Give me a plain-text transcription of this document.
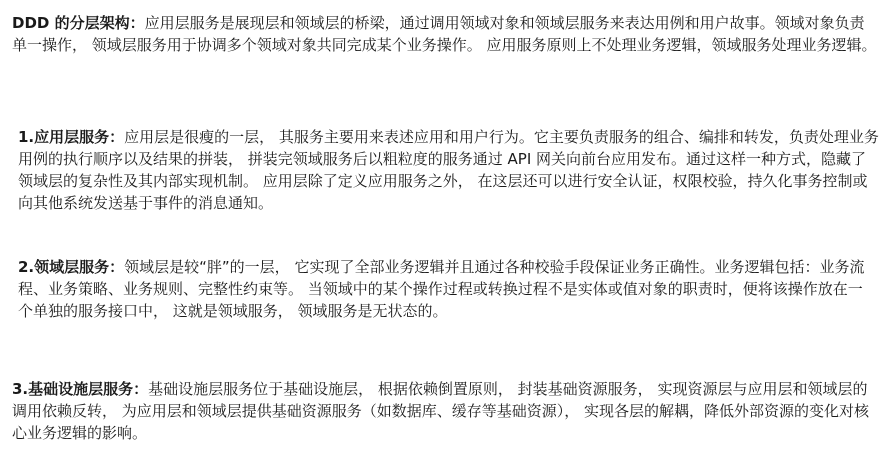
DDD 的分层架构：应用层服务是展现层和领域层的桥梁，通过调用领域对象和领域层服务来表达用例和用户故事。领域对象负责单一操作， 领域层服务用于协调多个领域对象共同完成某个业务操作。 应用服务原则上不处理业务逻辑，领域服务处理业务逻辑。

1.应用层服务：应用层是很瘦的一层， 其服务主要用来表述应用和用户行为。它主要负责服务的组合、编排和转发，负责处理业务用例的执行顺序以及结果的拼装， 拼装完领域服务后以粗粒度的服务通过 API 网关向前台应用发布。通过这样一种方式，隐藏了领域层的复杂性及其内部实现机制。 应用层除了定义应用服务之外， 在这层还可以进行安全认证，权限校验，持久化事务控制或向其他系统发送基于事件的消息通知。

2.领域层服务：领域层是较“胖”的一层， 它实现了全部业务逻辑并且通过各种校验手段保证业务正确性。业务逻辑包括：业务流程、业务策略、业务规则、完整性约束等。 当领域中的某个操作过程或转换过程不是实体或值对象的职责时，便将该操作放在一个单独的服务接口中， 这就是领域服务， 领域服务是无状态的。

3.基础设施层服务：基础设施层服务位于基础设施层， 根据依赖倒置原则， 封装基础资源服务， 实现资源层与应用层和领域层的调用依赖反转， 为应用层和领域层提供基础资源服务（如数据库、缓存等基础资源）， 实现各层的解耦，降低外部资源的变化对核心业务逻辑的影响。
